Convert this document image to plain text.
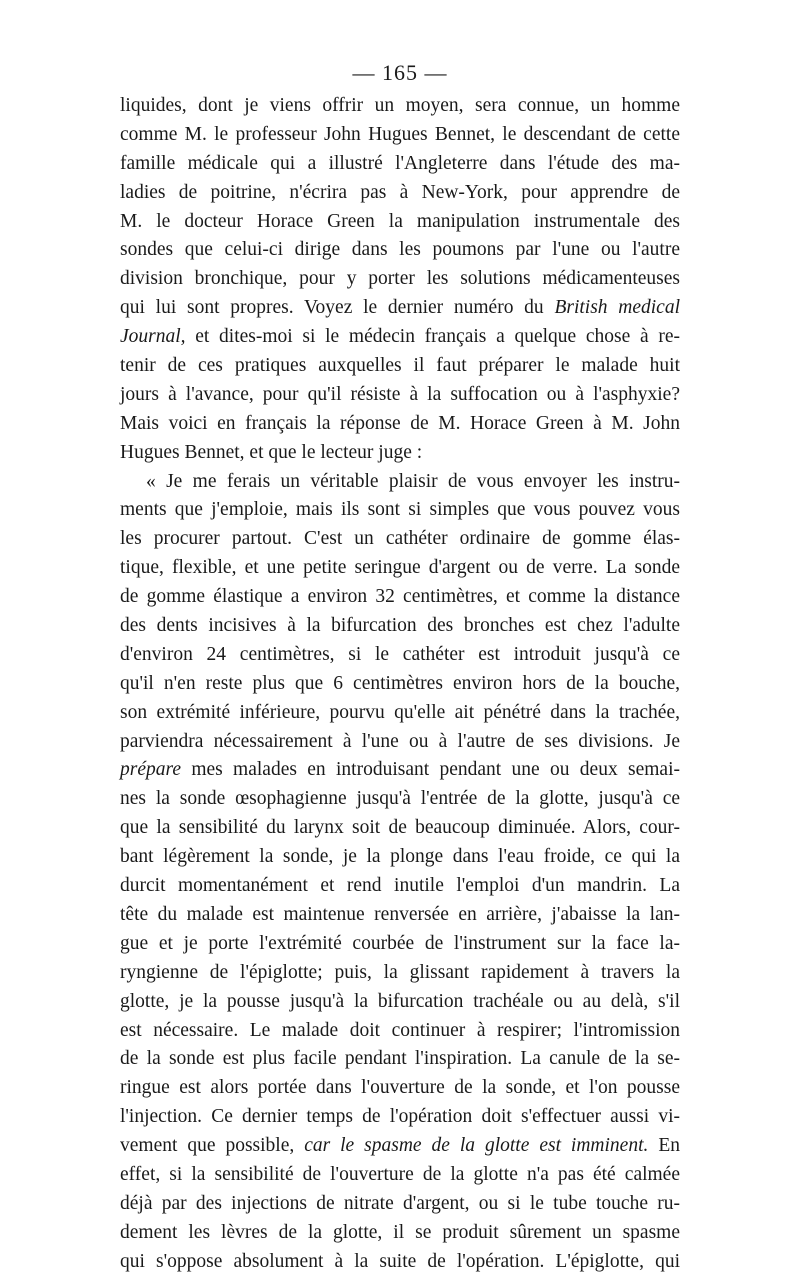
— 165 —
liquides, dont je viens offrir un moyen, sera connue, un homme
comme M. le professeur John Hugues Bennet, le descendant de cette
famille médicale qui a illustré l'Angleterre dans l'étude des ma-
ladies de poitrine, n'écrira pas à New-York, pour apprendre de
M. le docteur Horace Green la manipulation instrumentale des
sondes que celui-ci dirige dans les poumons par l'une ou l'autre
division bronchique, pour y porter les solutions médicamenteuses
qui lui sont propres. Voyez le dernier numéro du British medical
Journal, et dites-moi si le médecin français a quelque chose à re-
tenir de ces pratiques auxquelles il faut préparer le malade huit
jours à l'avance, pour qu'il résiste à la suffocation ou à l'asphyxie?
Mais voici en français la réponse de M. Horace Green à M. John
Hugues Bennet, et que le lecteur juge :
« Je me ferais un véritable plaisir de vous envoyer les instru-
ments que j'emploie, mais ils sont si simples que vous pouvez vous
les procurer partout. C'est un cathéter ordinaire de gomme élas-
tique, flexible, et une petite seringue d'argent ou de verre. La sonde
de gomme élastique a environ 32 centimètres, et comme la distance
des dents incisives à la bifurcation des bronches est chez l'adulte
d'environ 24 centimètres, si le cathéter est introduit jusqu'à ce
qu'il n'en reste plus que 6 centimètres environ hors de la bouche,
son extrémité inférieure, pourvu qu'elle ait pénétré dans la trachée,
parviendra nécessairement à l'une ou à l'autre de ses divisions. Je
prépare mes malades en introduisant pendant une ou deux semai-
nes la sonde œsophagienne jusqu'à l'entrée de la glotte, jusqu'à ce
que la sensibilité du larynx soit de beaucoup diminuée. Alors, cour-
bant légèrement la sonde, je la plonge dans l'eau froide, ce qui la
durcit momentanément et rend inutile l'emploi d'un mandrin. La
tête du malade est maintenue renversée en arrière, j'abaisse la lan-
gue et je porte l'extrémité courbée de l'instrument sur la face la-
ryngienne de l'épiglotte; puis, la glissant rapidement à travers la
glotte, je la pousse jusqu'à la bifurcation trachéale ou au delà, s'il
est nécessaire. Le malade doit continuer à respirer; l'intromission
de la sonde est plus facile pendant l'inspiration. La canule de la se-
ringue est alors portée dans l'ouverture de la sonde, et l'on pousse
l'injection. Ce dernier temps de l'opération doit s'effectuer aussi vi-
vement que possible, car le spasme de la glotte est imminent. En
effet, si la sensibilité de l'ouverture de la glotte n'a pas été calmée
déjà par des injections de nitrate d'argent, ou si le tube touche ru-
dement les lèvres de la glotte, il se produit sûrement un spasme
qui s'oppose absolument à la suite de l'opération. L'épiglotte, qui
